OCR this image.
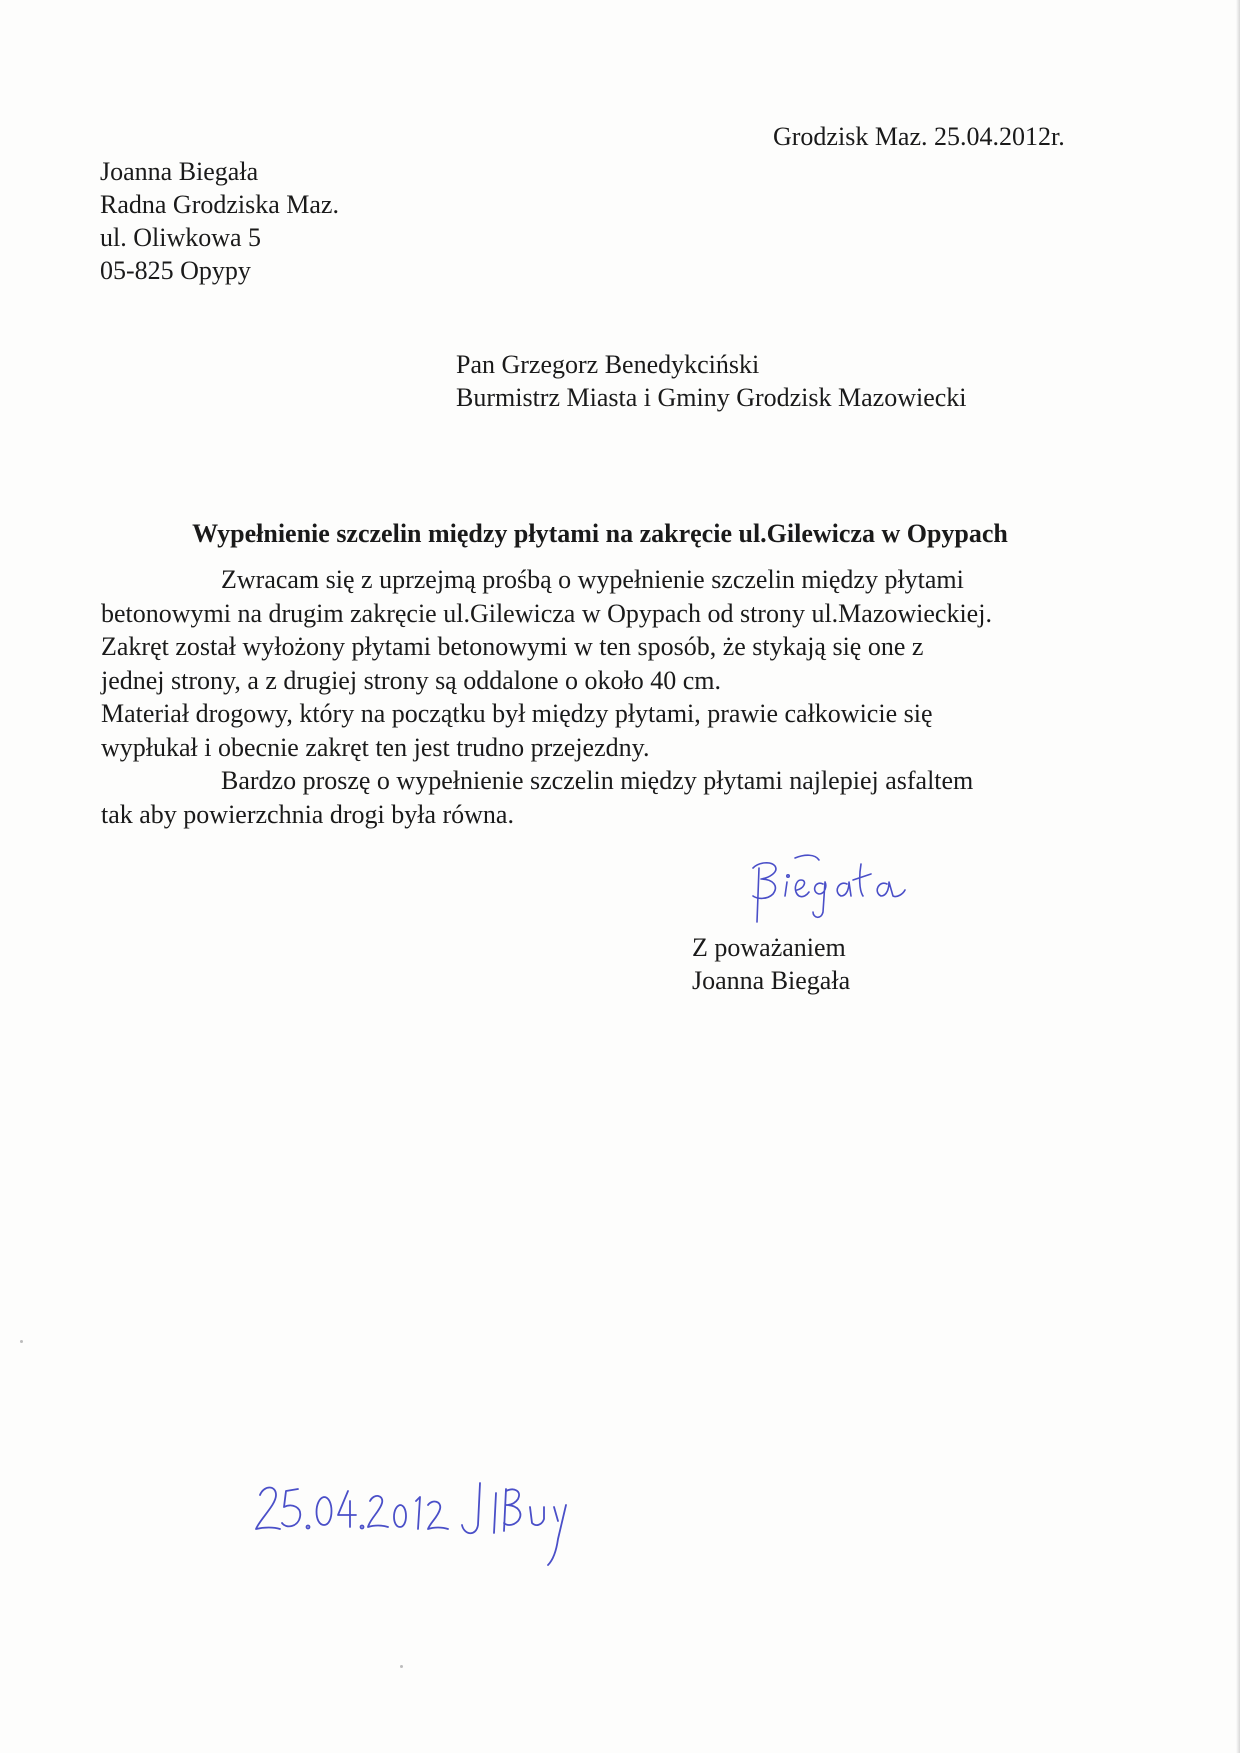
Grodzisk Maz. 25.04.2012r.

Joanna Biegała

Radna Grodziska Maz.

ul. Oliwkowa 5

05-825 Opypy

Pan Grzegorz Benedykciński

Burmistrz Miasta i Gminy Grodzisk Mazowiecki

Wypełnienie szczelin między płytami na zakręcie ul.Gilewicza w Opypach

Zwracam się z uprzejmą prośbą o wypełnienie szczelin między płytami

betonowymi na drugim zakręcie ul.Gilewicza w Opypach od strony ul.Mazowieckiej.

Zakręt został wyłożony płytami betonowymi w ten sposób, że stykają się one z

jednej strony, a z drugiej strony są oddalone o około 40 cm.

Materiał drogowy, który na początku był między płytami, prawie całkowicie się

wypłukał i obecnie zakręt ten jest trudno przejezdny.

Bardzo proszę o wypełnienie szczelin między płytami najlepiej asfaltem

tak aby powierzchnia drogi była równa.

Z poważaniem

Joanna Biegała
